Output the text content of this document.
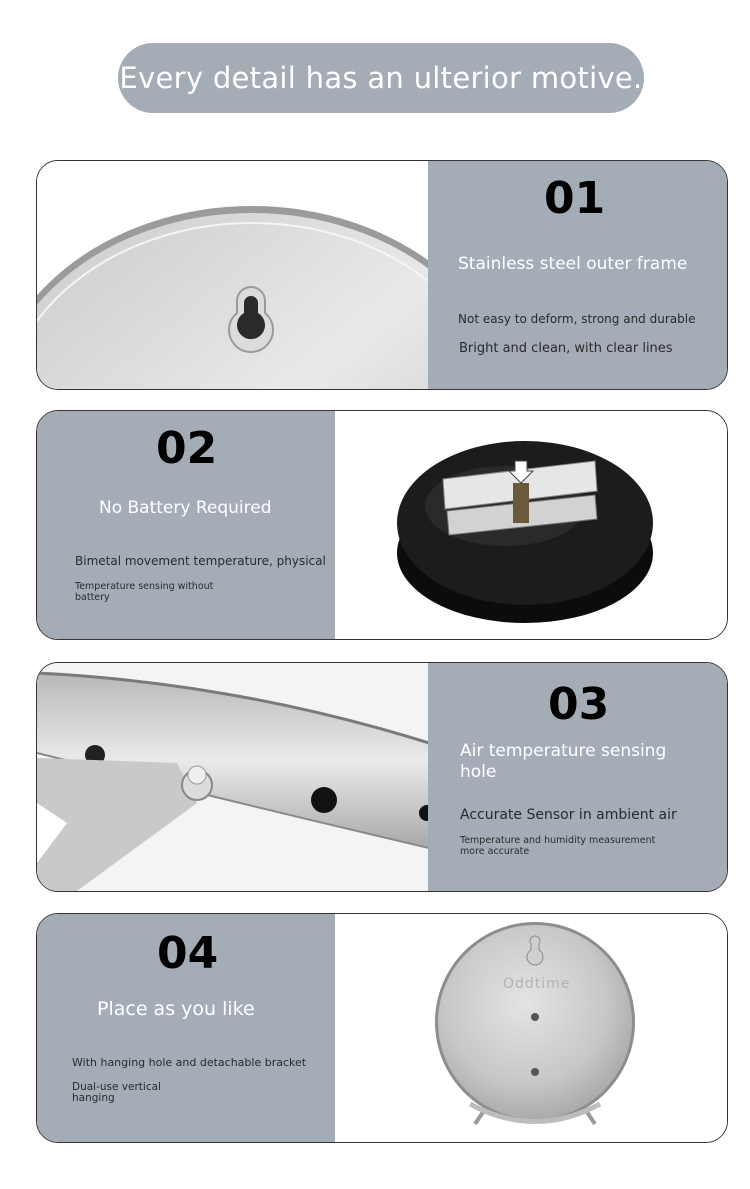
Every detail has an ulterior motive.
01
Stainless steel outer frame
Not easy to deform, strong and durable
Bright and clean, with clear lines
02
No Battery Required
Bimetal movement temperature, physical
Temperature sensing without
battery
03
Air temperature sensing
hole
Accurate Sensor in ambient air
Temperature and humidity measurement
more accurate
04
Place as you like
With hanging hole and detachable bracket
Dual-use vertical
hanging
Oddtime
